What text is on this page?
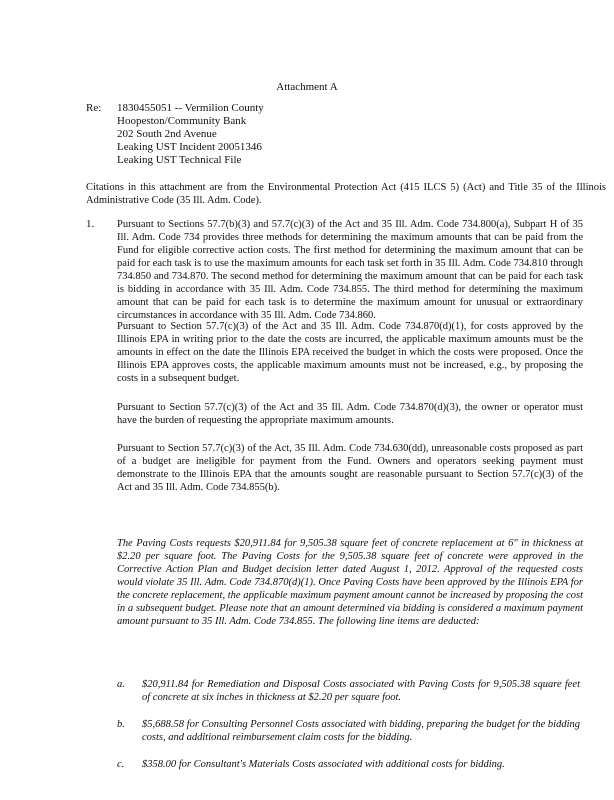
Attachment A
Re: 1830455051 -- Vermilion County
Hoopeston/Community Bank
202 South 2nd Avenue
Leaking UST Incident 20051346
Leaking UST Technical File

Citations in this attachment are from the Environmental Protection Act (415 ILCS 5) (Act) and Title 35 of the Illinois Administrative Code (35 Ill. Adm. Code).

1. Pursuant to Sections 57.7(b)(3) and 57.7(c)(3) of the Act and 35 Ill. Adm. Code 734.800(a), Subpart H of 35 Ill. Adm. Code 734 provides three methods for determining the maximum amounts that can be paid from the Fund for eligible corrective action costs. The first method for determining the maximum amount that can be paid for each task is to use the maximum amounts for each task set forth in 35 Ill. Adm. Code 734.810 through 734.850 and 734.870. The second method for determining the maximum amount that can be paid for each task is bidding in accordance with 35 Ill. Adm. Code 734.855. The third method for determining the maximum amount that can be paid for each task is to determine the maximum amount for unusual or extraordinary circumstances in accordance with 35 Ill. Adm. Code 734.860.

Pursuant to Section 57.7(c)(3) of the Act and 35 Ill. Adm. Code 734.870(d)(1), for costs approved by the Illinois EPA in writing prior to the date the costs are incurred, the applicable maximum amounts must be the amounts in effect on the date the Illinois EPA received the budget in which the costs were proposed. Once the Illinois EPA approves costs, the applicable maximum amounts must not be increased, e.g., by proposing the costs in a subsequent budget.

Pursuant to Section 57.7(c)(3) of the Act and 35 Ill. Adm. Code 734.870(d)(3), the owner or operator must have the burden of requesting the appropriate maximum amounts.

Pursuant to Section 57.7(c)(3) of the Act, 35 Ill. Adm. Code 734.630(dd), unreasonable costs proposed as part of a budget are ineligible for payment from the Fund. Owners and operators seeking payment must demonstrate to the Illinois EPA that the amounts sought are reasonable pursuant to Section 57.7(c)(3) of the Act and 35 Ill. Adm. Code 734.855(b).

The Paving Costs requests $20,911.84 for 9,505.38 square feet of concrete replacement at 6" in thickness at $2.20 per square foot. The Paving Costs for the 9,505.38 square feet of concrete were approved in the Corrective Action Plan and Budget decision letter dated August 1, 2012. Approval of the requested costs would violate 35 Ill. Adm. Code 734.870(d)(1). Once Paving Costs have been approved by the Illinois EPA for the concrete replacement, the applicable maximum payment amount cannot be increased by proposing the cost in a subsequent budget. Please note that an amount determined via bidding is considered a maximum payment amount pursuant to 35 Ill. Adm. Code 734.855. The following line items are deducted:

a. $20,911.84 for Remediation and Disposal Costs associated with Paving Costs for 9,505.38 square feet of concrete at six inches in thickness at $2.20 per square foot.

b. $5,688.58 for Consulting Personnel Costs associated with bidding, preparing the budget for the bidding costs, and additional reimbursement claim costs for the bidding.

c. $358.00 for Consultant's Materials Costs associated with additional costs for bidding.
